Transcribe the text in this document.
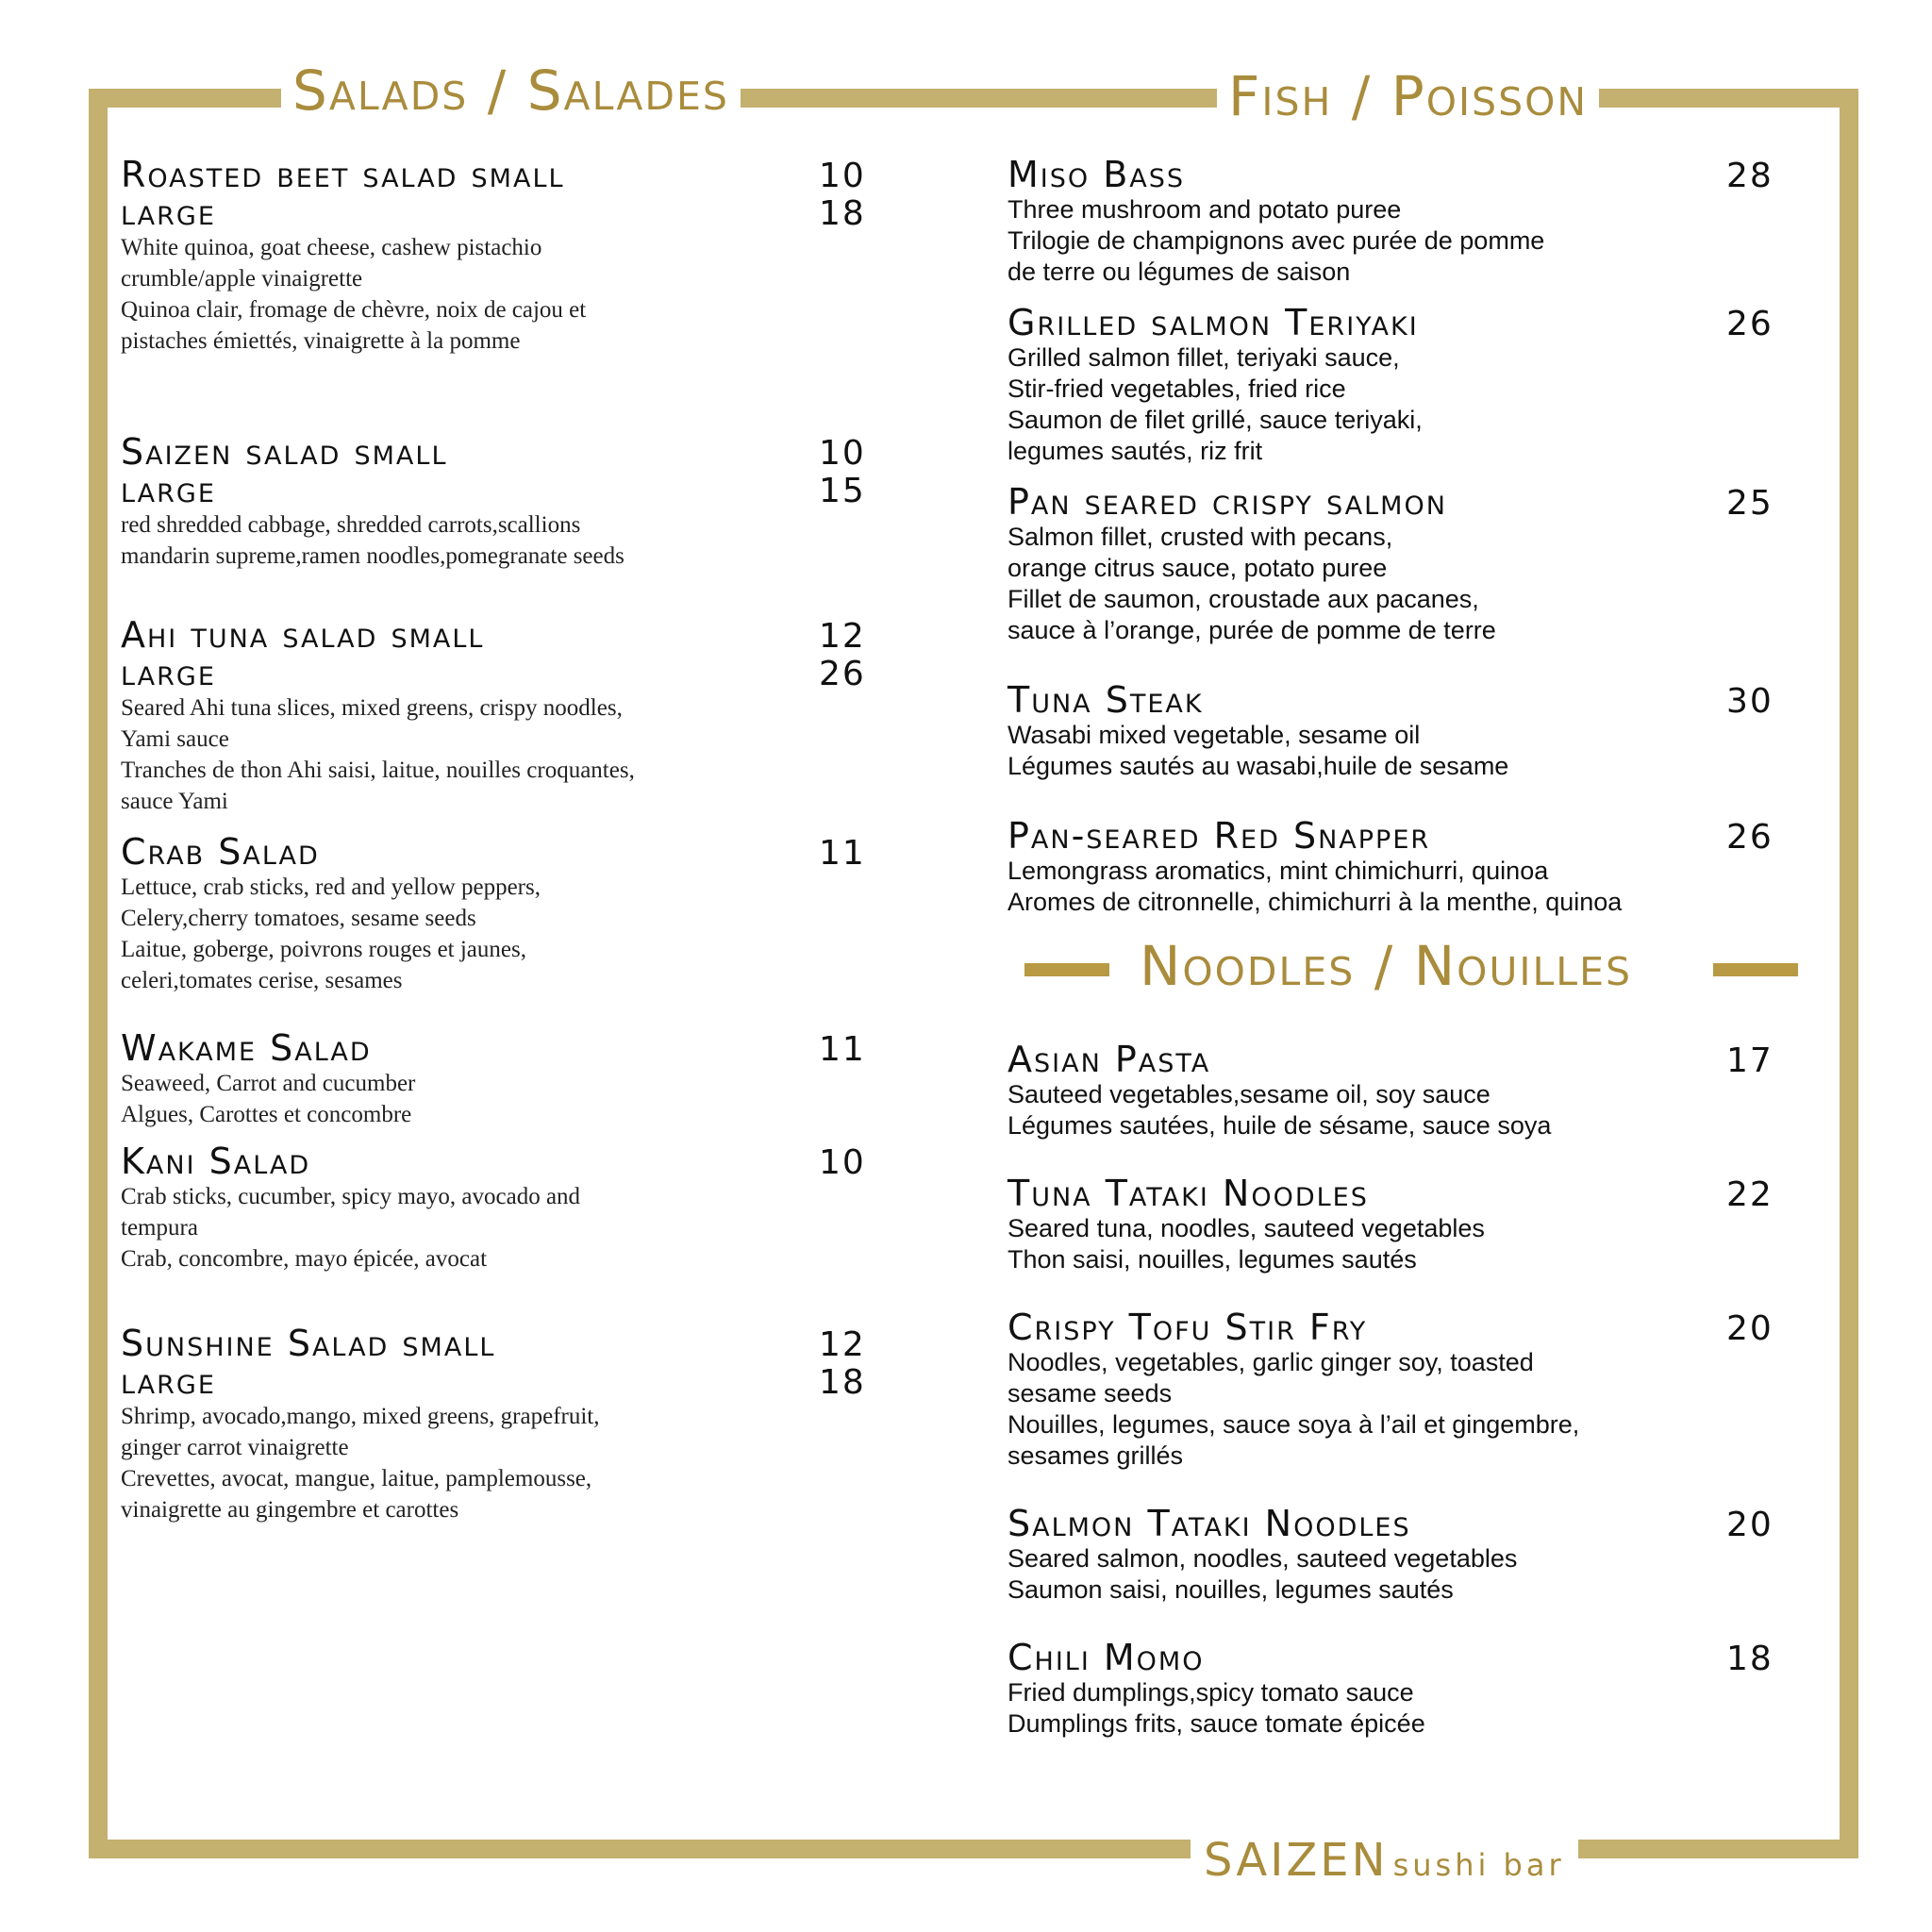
Salads / Salades	Fish / Poisson
Noodles / Nouilles
Roasted beet salad small	10
large	18
White quinoa, goat cheese, cashew pistachio
crumble/apple vinaigrette
Quinoa clair, fromage de chèvre, noix de cajou et
pistaches émiettés, vinaigrette à la pomme
Saizen salad small	10
large	15
red shredded cabbage, shredded carrots,scallions
mandarin supreme,ramen noodles,pomegranate seeds
Ahi tuna salad small	12
large	26
Seared Ahi tuna slices, mixed greens, crispy noodles,
Yami sauce
Tranches de thon Ahi saisi, laitue, nouilles croquantes,
sauce Yami
Crab Salad	11
Lettuce, crab sticks, red and yellow peppers,
Celery,cherry tomatoes, sesame seeds
Laitue, goberge, poivrons rouges et jaunes,
celeri,tomates cerise, sesames
Wakame Salad	11
Seaweed, Carrot and cucumber
Algues, Carottes et concombre
Kani Salad	10
Crab sticks, cucumber, spicy mayo, avocado and
tempura
Crab, concombre, mayo épicée, avocat
Sunshine Salad small	12
large	18
Shrimp, avocado,mango, mixed greens, grapefruit,
ginger carrot vinaigrette
Crevettes, avocat, mangue, laitue, pamplemousse,
vinaigrette au gingembre et carottes
Miso Bass	28
Three mushroom and potato puree
Trilogie de champignons avec purée de pomme
de terre ou légumes de saison
Grilled salmon Teriyaki	26
Grilled salmon fillet, teriyaki sauce,
Stir-fried vegetables, fried rice
Saumon de filet grillé, sauce teriyaki,
legumes sautés, riz frit
Pan seared crispy salmon	25
Salmon fillet, crusted with pecans,
orange citrus sauce, potato puree
Fillet de saumon, croustade aux pacanes,
sauce à l’orange, purée de pomme de terre
Tuna Steak	30
Wasabi mixed vegetable, sesame oil
Légumes sautés au wasabi,huile de sesame
Pan-seared Red Snapper	26
Lemongrass aromatics, mint chimichurri, quinoa
Aromes de citronnelle, chimichurri à la menthe, quinoa
Asian Pasta	17
Sauteed vegetables,sesame oil, soy sauce
Légumes sautées, huile de sésame, sauce soya
Tuna Tataki Noodles	22
Seared tuna, noodles, sauteed vegetables
Thon saisi, nouilles, legumes sautés
Crispy Tofu Stir Fry	20
Noodles, vegetables, garlic ginger soy, toasted
sesame seeds
Nouilles, legumes, sauce soya à l’ail et gingembre,
sesames grillés
Salmon Tataki Noodles	20
Seared salmon, noodles, sauteed vegetables
Saumon saisi, nouilles, legumes sautés
Chili Momo	18
Fried dumplings,spicy tomato sauce
Dumplings frits, sauce tomate épicée
SAIZEN sushi bar
